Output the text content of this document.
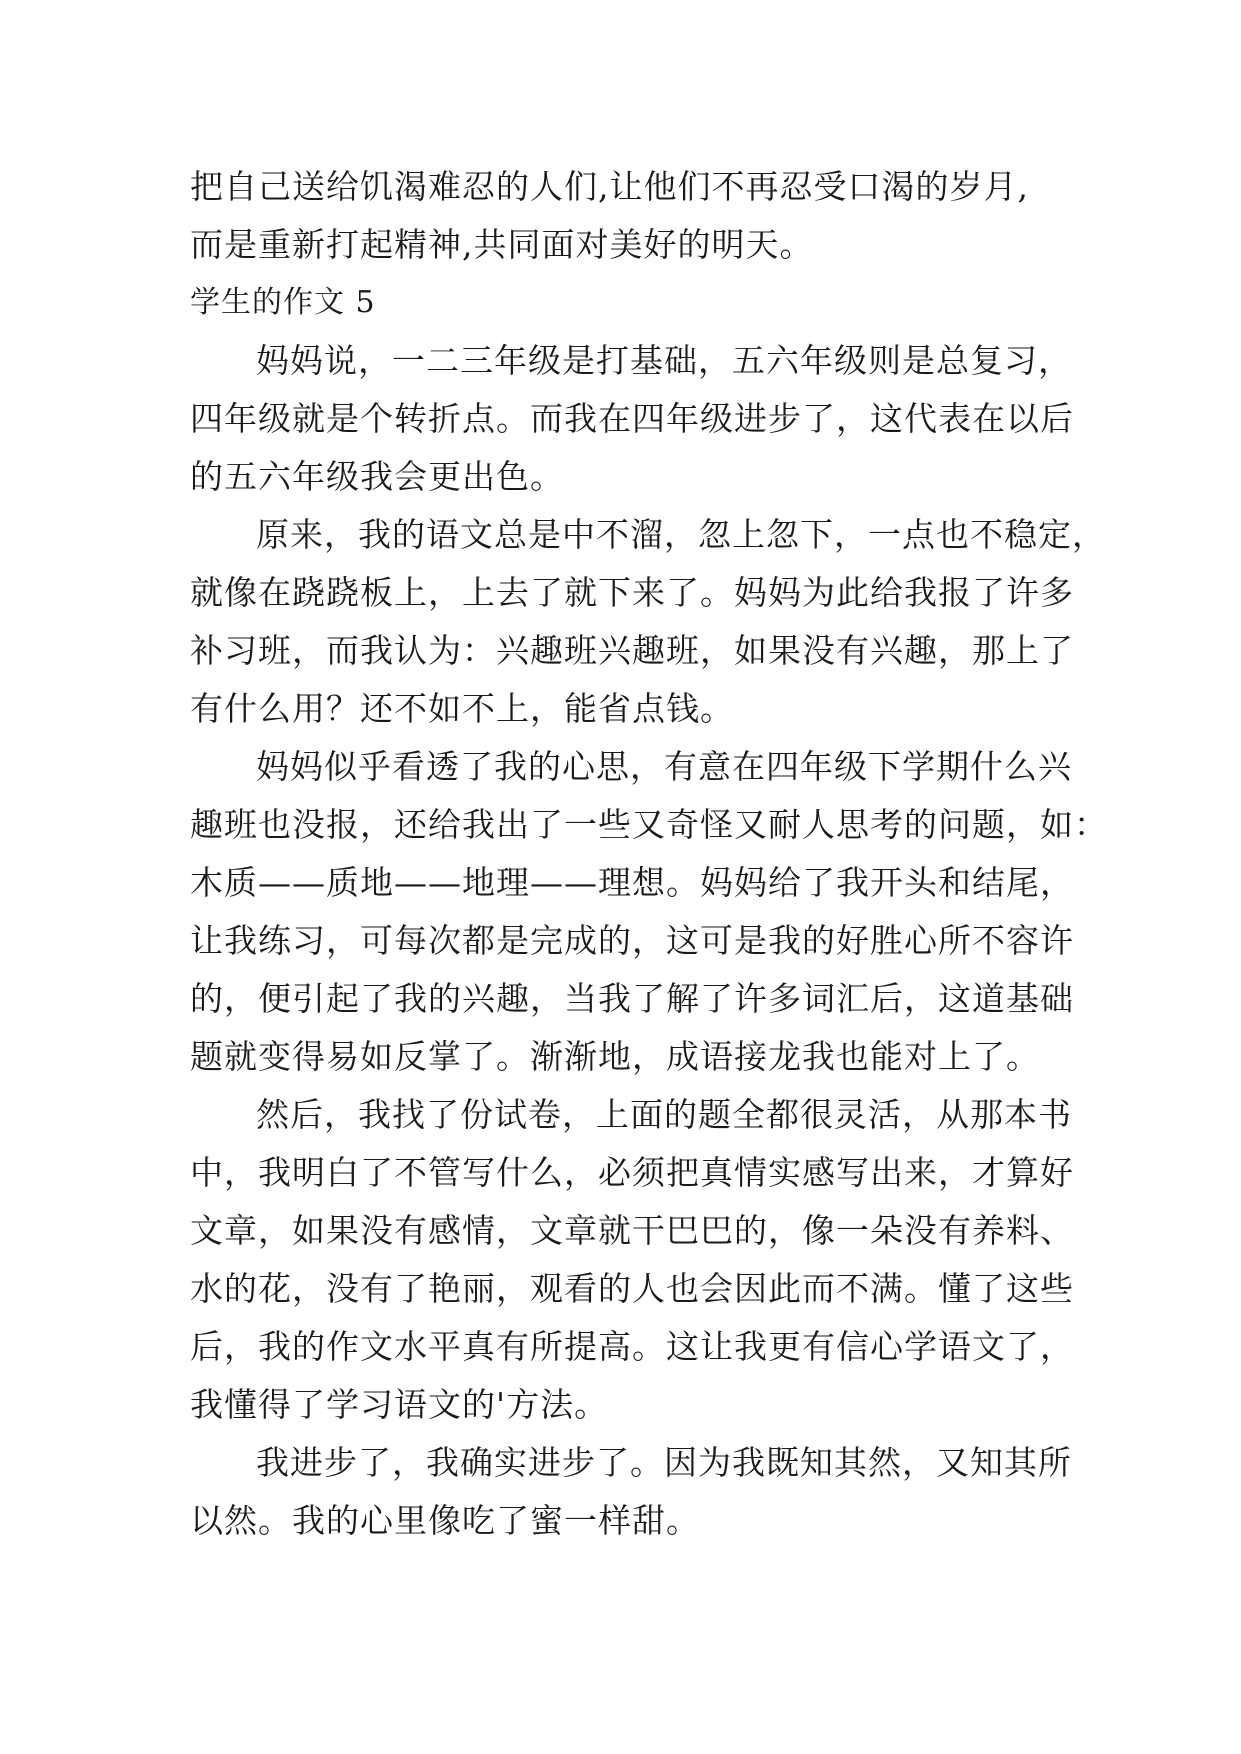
把自己送给饥渴难忍的人们,让他们不再忍受口渴的岁月,
而是重新打起精神,共同面对美好的明天。
学生的作文 5
妈妈说，一二三年级是打基础，五六年级则是总复习，
四年级就是个转折点。而我在四年级进步了，这代表在以后
的五六年级我会更出色。
原来，我的语文总是中不溜，忽上忽下，一点也不稳定，
就像在跷跷板上，上去了就下来了。妈妈为此给我报了许多
补习班，而我认为：兴趣班兴趣班，如果没有兴趣，那上了
有什么用？还不如不上，能省点钱。
妈妈似乎看透了我的心思，有意在四年级下学期什么兴
趣班也没报，还给我出了一些又奇怪又耐人思考的问题，如：
木质——质地——地理——理想。妈妈给了我开头和结尾，
让我练习，可每次都是完成的，这可是我的好胜心所不容许
的，便引起了我的兴趣，当我了解了许多词汇后，这道基础
题就变得易如反掌了。渐渐地，成语接龙我也能对上了。
然后，我找了份试卷，上面的题全都很灵活，从那本书
中，我明白了不管写什么，必须把真情实感写出来，才算好
文章，如果没有感情，文章就干巴巴的，像一朵没有养料、
水的花，没有了艳丽，观看的人也会因此而不满。懂了这些
后，我的作文水平真有所提高。这让我更有信心学语文了，
我懂得了学习语文的'方法。
我进步了，我确实进步了。因为我既知其然，又知其所
以然。我的心里像吃了蜜一样甜。
